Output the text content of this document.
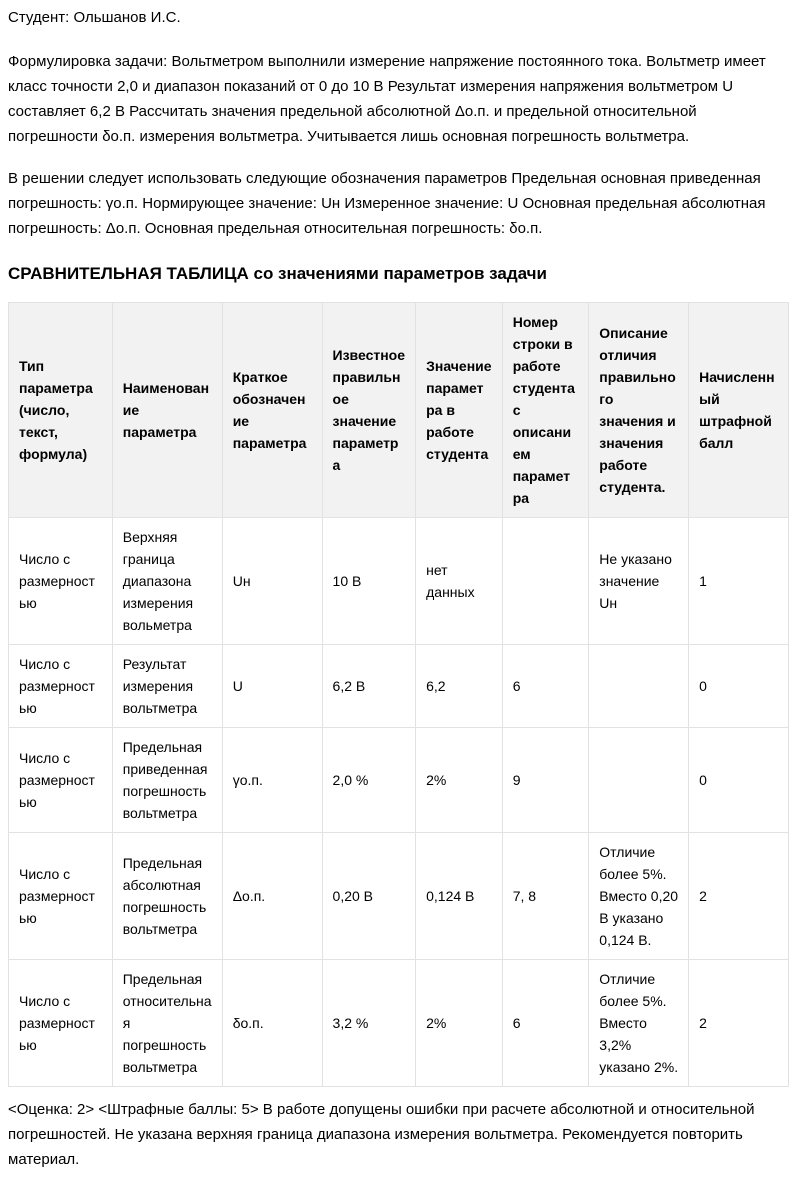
Студент: Ольшанов И.С.

Формулировка задачи: Вольтметром выполнили измерение напряжение постоянного тока. Вольтметр имеет класс точности 2,0 и диапазон показаний от 0 до 10 В Результат измерения напряжения вольтметром U составляет 6,2 В Рассчитать значения предельной абсолютной Δо.п. и предельной относительной погрешности δо.п. измерения вольтметра. Учитывается лишь основная погрешность вольтметра.

В решении следует использовать следующие обозначения параметров Предельная основная приведенная погрешность: γо.п. Нормирующее значение: Uн Измеренное значение: U Основная предельная абсолютная погрешность: Δо.п. Основная предельная относительная погрешность: δо.п.

СРАВНИТЕЛЬНАЯ ТАБЛИЦА со значениями параметров задачи
Тип параметра (число, текст, формула)	Наименование параметра	Краткое обозначение параметра	Известное правильное значение параметра	Значение параметра в работе студента	Номер строки в работе студента с описанием параметра	Описание отличия правильного значения и значения работе студента.	Начисленный штрафной балл
Число с размерностью	Верхняя граница диапазона измерения вольметра	Uн	10 В	нет данных		Не указано значение Uн	1
Число с размерностью	Результат измерения вольтметра	U	6,2 В	6,2	6		0
Число с размерностью	Предельная приведенная погрешность вольтметра	γо.п.	2,0 %	2%	9		0
Число с размерностью	Предельная абсолютная погрешность вольтметра	Δо.п.	0,20 В	0,124 В	7, 8	Отличие более 5%. Вместо 0,20 В указано 0,124 В.	2
Число с размерностью	Предельная относительная погрешность вольтметра	δо.п.	3,2 %	2%	6	Отличие более 5%. Вместо 3,2% указано 2%.	2

<Оценка: 2> <Штрафные баллы: 5> В работе допущены ошибки при расчете абсолютной и относительной погрешностей. Не указана верхняя граница диапазона измерения вольтметра. Рекомендуется повторить материал.
